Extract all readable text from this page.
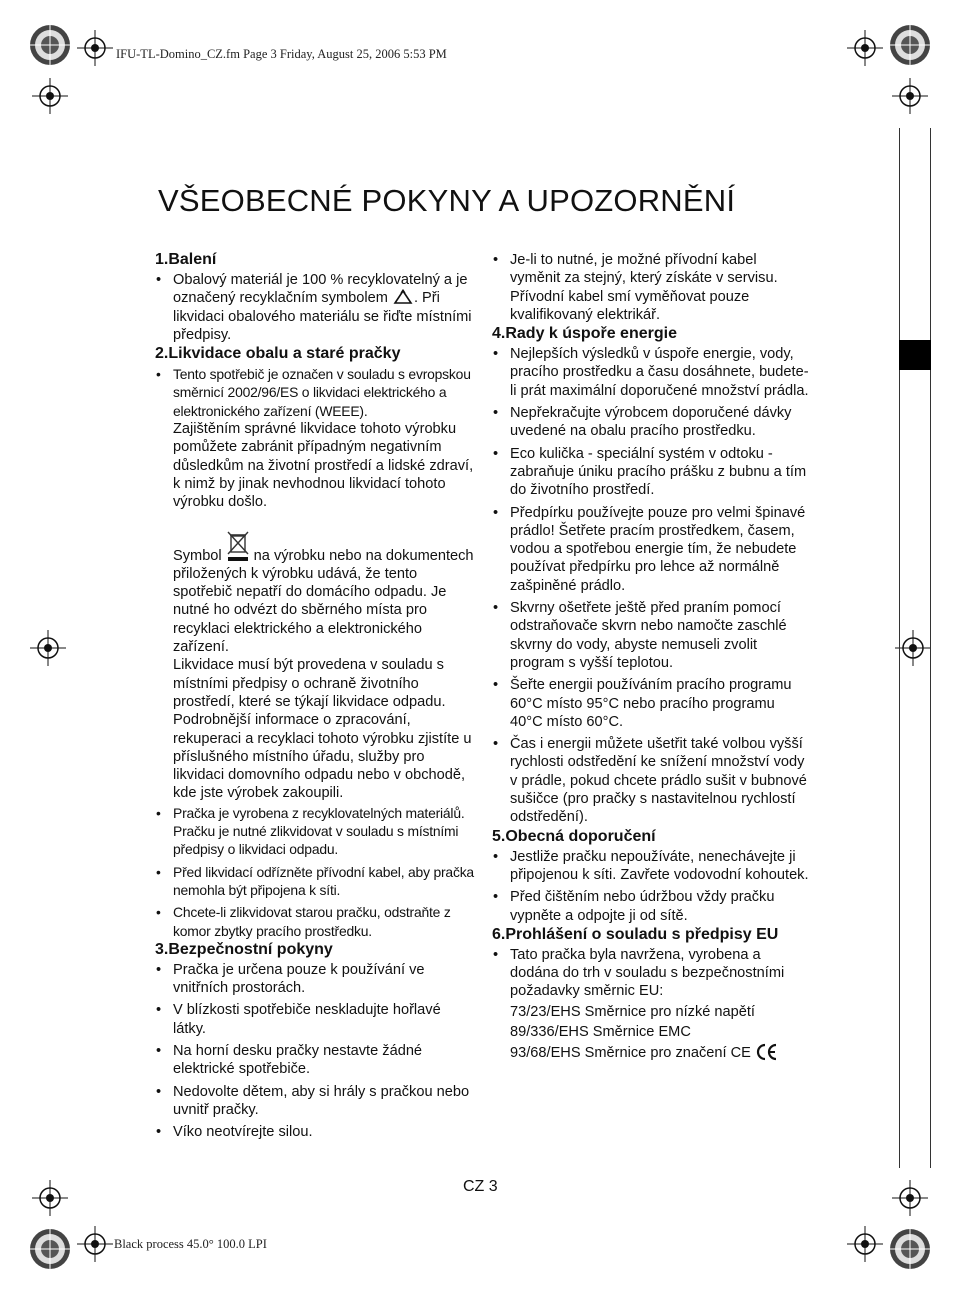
IFU-TL-Domino_CZ.fm Page 3 Friday, August 25, 2006 5:53 PM
Black process 45.0° 100.0 LPI
VŠEOBECNÉ POKYNY A UPOZORNĚNÍ
1.Balení
• Obalový materiál je 100 % recyklovatelný a je označený recyklačním symbolem . Při likvidaci obalového materiálu se řiďte místními předpisy.
2.Likvidace obalu a staré pračky
• Tento spotřebič je označen v souladu s evropskou směrnicí 2002/96/ES o likvidaci elektrického a elektronického zařízení (WEEE).

Zajištěním správné likvidace tohoto výrobku pomůžete zabránit případným negativním důsledkům na životní prostředí a lidské zdraví, k nimž by jinak nevhodnou likvidací tohoto výrobku došlo.

Symbol na výrobku nebo na dokumentech přiložených k výrobku udává, že tento spotřebič nepatří do domácího odpadu. Je nutné ho odvézt do sběrného místa pro recyklaci elektrického a elektronického zařízení.

Likvidace musí být provedena v souladu s místními předpisy o ochraně životního prostředí, které se týkají likvidace odpadu.

Podrobnější informace o zpracování, rekuperaci a recyklaci tohoto výrobku zjistíte u příslušného místního úřadu, služby pro likvidaci domovního odpadu nebo v obchodě, kde jste výrobek zakoupili.

• Pračka je vyrobena z recyklovatelných materiálů. Pračku je nutné zlikvidovat v souladu s místními předpisy o likvidaci odpadu.
• Před likvidací odřízněte přívodní kabel, aby pračka nemohla být připojena k síti.
• Chcete-li zlikvidovat starou pračku, odstraňte z komor zbytky pracího prostředku.
3.Bezpečnostní pokyny
• Pračka je určena pouze k používání ve vnitřních prostorách.
• V blízkosti spotřebiče neskladujte hořlavé látky.
• Na horní desku pračky nestavte žádné elektrické spotřebiče.
• Nedovolte dětem, aby si hrály s pračkou nebo uvnitř pračky.
• Víko neotvírejte silou.
• Je-li to nutné, je možné přívodní kabel vyměnit za stejný, který získáte v servisu. Přívodní kabel smí vyměňovat pouze kvalifikovaný elektrikář.
4.Rady k úspoře energie
• Nejlepších výsledků v úspoře energie, vody, pracího prostředku a času dosáhnete, budete-li prát maximální doporučené množství prádla.
• Nepřekračujte výrobcem doporučené dávky uvedené na obalu pracího prostředku.
• Eco kulička - speciální systém v odtoku - zabraňuje úniku pracího prášku z bubnu a tím do životního prostředí.
• Předpírku používejte pouze pro velmi špinavé prádlo! Šetřete pracím prostředkem, časem, vodou a spotřebou energie tím, že nebudete používat předpírku pro lehce až normálně zašpiněné prádlo.
• Skvrny ošetřete ještě před praním pomocí odstraňovače skvrn nebo namočte zaschlé skvrny do vody, abyste nemuseli zvolit program s vyšší teplotou.
• Šeřte energii používáním pracího programu 60°C místo 95°C nebo pracího programu 40°C místo 60°C.
• Čas i energii můžete ušetřit také volbou vyšší rychlosti odstředění ke snížení množství vody v prádle, pokud chcete prádlo sušit v bubnové sušičce (pro pračky s nastavitelnou rychlostí odstředění).
5.Obecná doporučení
• Jestliže pračku nepoužíváte, nenechávejte ji připojenou k síti. Zavřete vodovodní kohoutek.
• Před čištěním nebo údržbou vždy pračku vypněte a odpojte ji od sítě.
6.Prohlášení o souladu s předpisy EU
• Tato pračka byla navržena, vyrobena a dodána do trh v souladu s bezpečnostními požadavky směrnic EU:

73/23/EHS Směrnice pro nízké napětí

89/336/EHS Směrnice EMC

93/68/EHS Směrnice pro značení CE

CZ 3
